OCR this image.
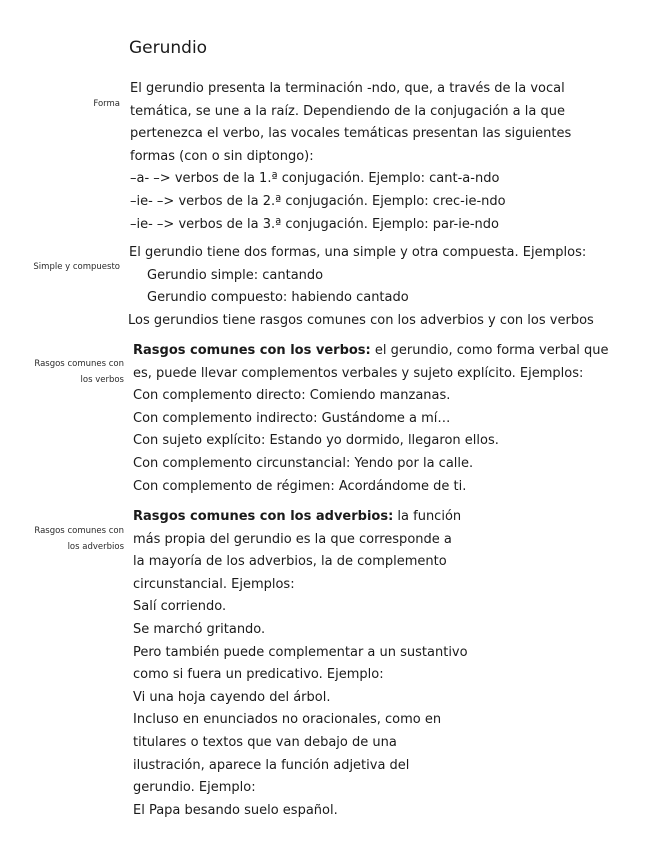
Gerundio
Forma
Simple y compuesto
Rasgos comunes con
los verbos
Rasgos comunes con
los adverbios
El gerundio presenta la terminación -ndo, que, a través de la vocal
temática, se une a la raíz. Dependiendo de la conjugación a la que
pertenezca el verbo, las vocales temáticas presentan las siguientes
formas (con o sin diptongo):
–a- –> verbos de la 1.ª conjugación. Ejemplo: cant-a-ndo
–ie- –> verbos de la 2.ª conjugación. Ejemplo: crec-ie-ndo
–ie- –> verbos de la 3.ª conjugación. Ejemplo: par-ie-ndo
El gerundio tiene dos formas, una simple y otra compuesta. Ejemplos:
Gerundio simple: cantando
Gerundio compuesto: habiendo cantado
Los gerundios tiene rasgos comunes con los adverbios y con los verbos
Rasgos comunes con los verbos: el gerundio, como forma verbal que
es, puede llevar complementos verbales y sujeto explícito. Ejemplos:
Con complemento directo: Comiendo manzanas.
Con complemento indirecto: Gustándome a mí…
Con sujeto explícito: Estando yo dormido, llegaron ellos.
Con complemento circunstancial: Yendo por la calle.
Con complemento de régimen: Acordándome de ti.
Rasgos comunes con los adverbios: la función
más propia del gerundio es la que corresponde a
la mayoría de los adverbios, la de complemento
circunstancial. Ejemplos:
Salí corriendo.
Se marchó gritando.
Pero también puede complementar a un sustantivo
como si fuera un predicativo. Ejemplo:
Vi una hoja cayendo del árbol.
Incluso en enunciados no oracionales, como en
titulares o textos que van debajo de una
ilustración, aparece la función adjetiva del
gerundio. Ejemplo:
El Papa besando suelo español.
